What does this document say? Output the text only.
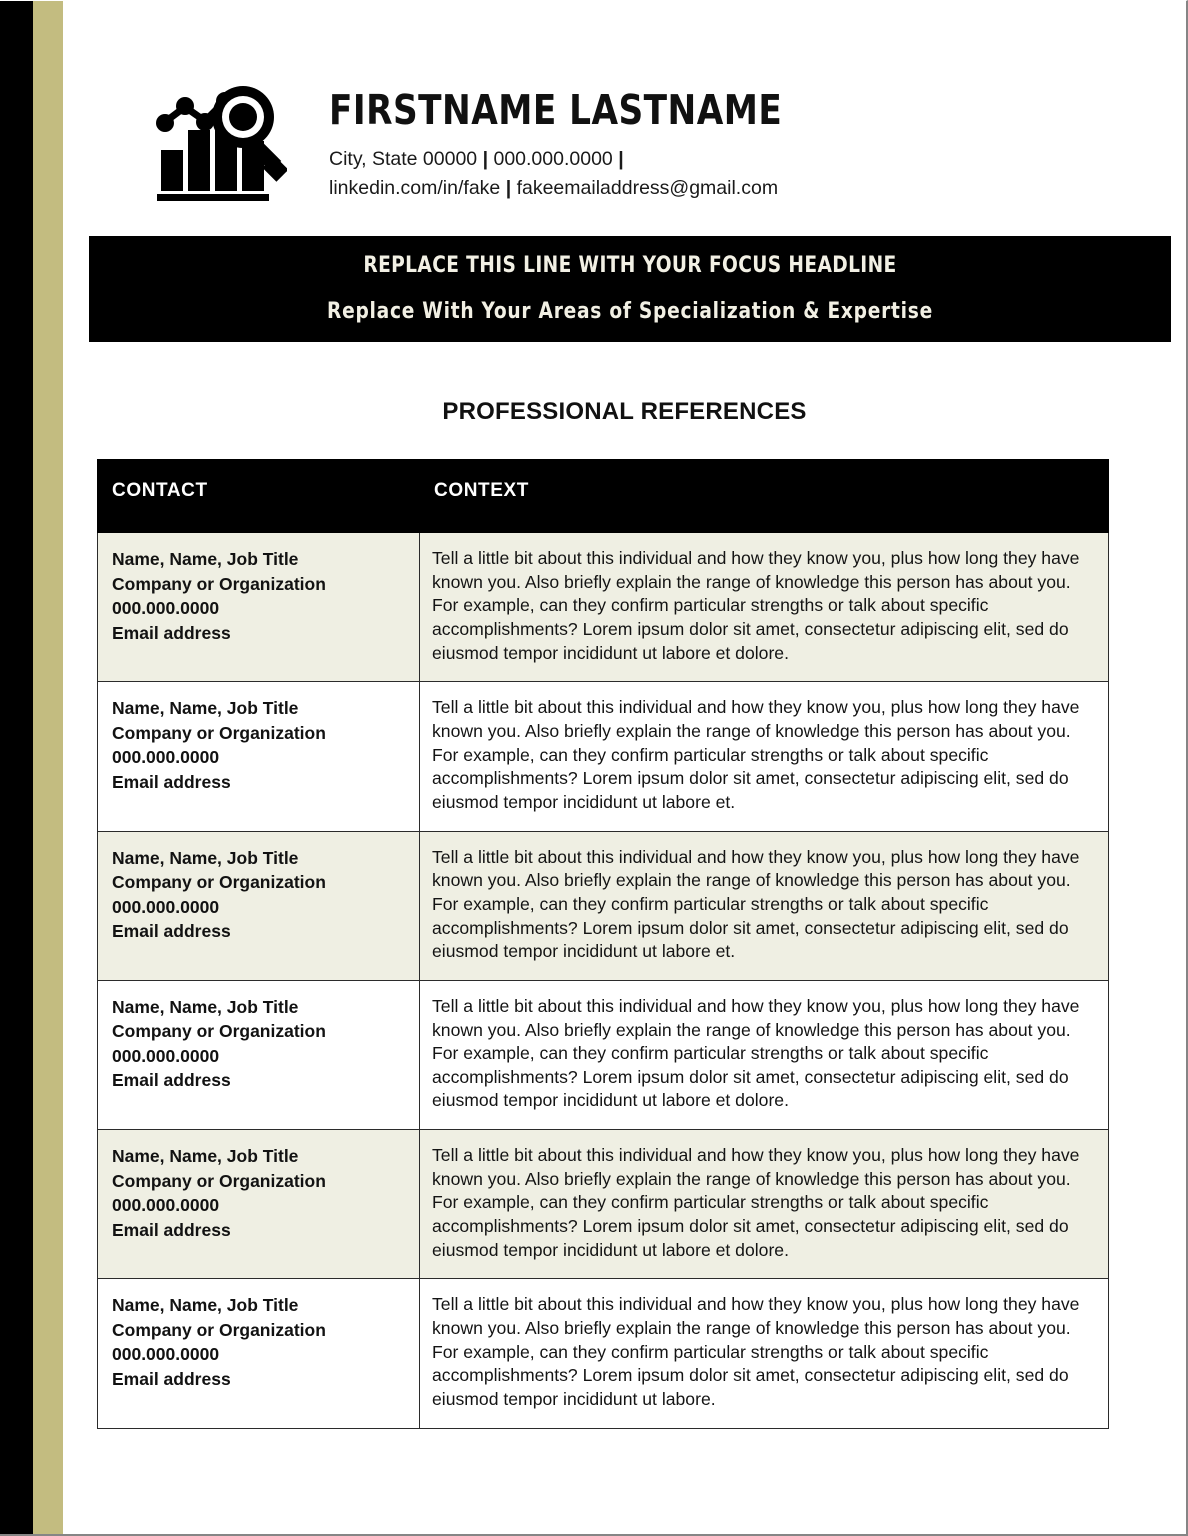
FIRSTNAME LASTNAME
City, State 00000 | 000.000.0000 |
linkedin.com/in/fake | fakeemailaddress@gmail.com
REPLACE THIS LINE WITH YOUR FOCUS HEADLINE
Replace With Your Areas of Specialization & Expertise
PROFESSIONAL REFERENCES
CONTACT	CONTEXT

Name, Name, Job Title
Company or Organization
000.000.0000
Email address
	Tell a little bit about this individual and how they know you, plus how long they have known you. Also briefly explain the range of knowledge this person has about you. For example, can they confirm particular strengths or talk about specific accomplishments? Lorem ipsum dolor sit amet, consectetur adipiscing elit, sed do eiusmod tempor incididunt ut labore et dolore.

Name, Name, Job Title
Company or Organization
000.000.0000
Email address
	Tell a little bit about this individual and how they know you, plus how long they have known you. Also briefly explain the range of knowledge this person has about you. For example, can they confirm particular strengths or talk about specific accomplishments? Lorem ipsum dolor sit amet, consectetur adipiscing elit, sed do eiusmod tempor incididunt ut labore et.

Name, Name, Job Title
Company or Organization
000.000.0000
Email address
	Tell a little bit about this individual and how they know you, plus how long they have known you. Also briefly explain the range of knowledge this person has about you. For example, can they confirm particular strengths or talk about specific accomplishments? Lorem ipsum dolor sit amet, consectetur adipiscing elit, sed do eiusmod tempor incididunt ut labore et.

Name, Name, Job Title
Company or Organization
000.000.0000
Email address
	Tell a little bit about this individual and how they know you, plus how long they have known you. Also briefly explain the range of knowledge this person has about you. For example, can they confirm particular strengths or talk about specific accomplishments? Lorem ipsum dolor sit amet, consectetur adipiscing elit, sed do eiusmod tempor incididunt ut labore et dolore.

Name, Name, Job Title
Company or Organization
000.000.0000
Email address
	Tell a little bit about this individual and how they know you, plus how long they have known you. Also briefly explain the range of knowledge this person has about you. For example, can they confirm particular strengths or talk about specific accomplishments? Lorem ipsum dolor sit amet, consectetur adipiscing elit, sed do eiusmod tempor incididunt ut labore et dolore.

Name, Name, Job Title
Company or Organization
000.000.0000
Email address
	Tell a little bit about this individual and how they know you, plus how long they have known you. Also briefly explain the range of knowledge this person has about you. For example, can they confirm particular strengths or talk about specific accomplishments? Lorem ipsum dolor sit amet, consectetur adipiscing elit, sed do eiusmod tempor incididunt ut labore.
